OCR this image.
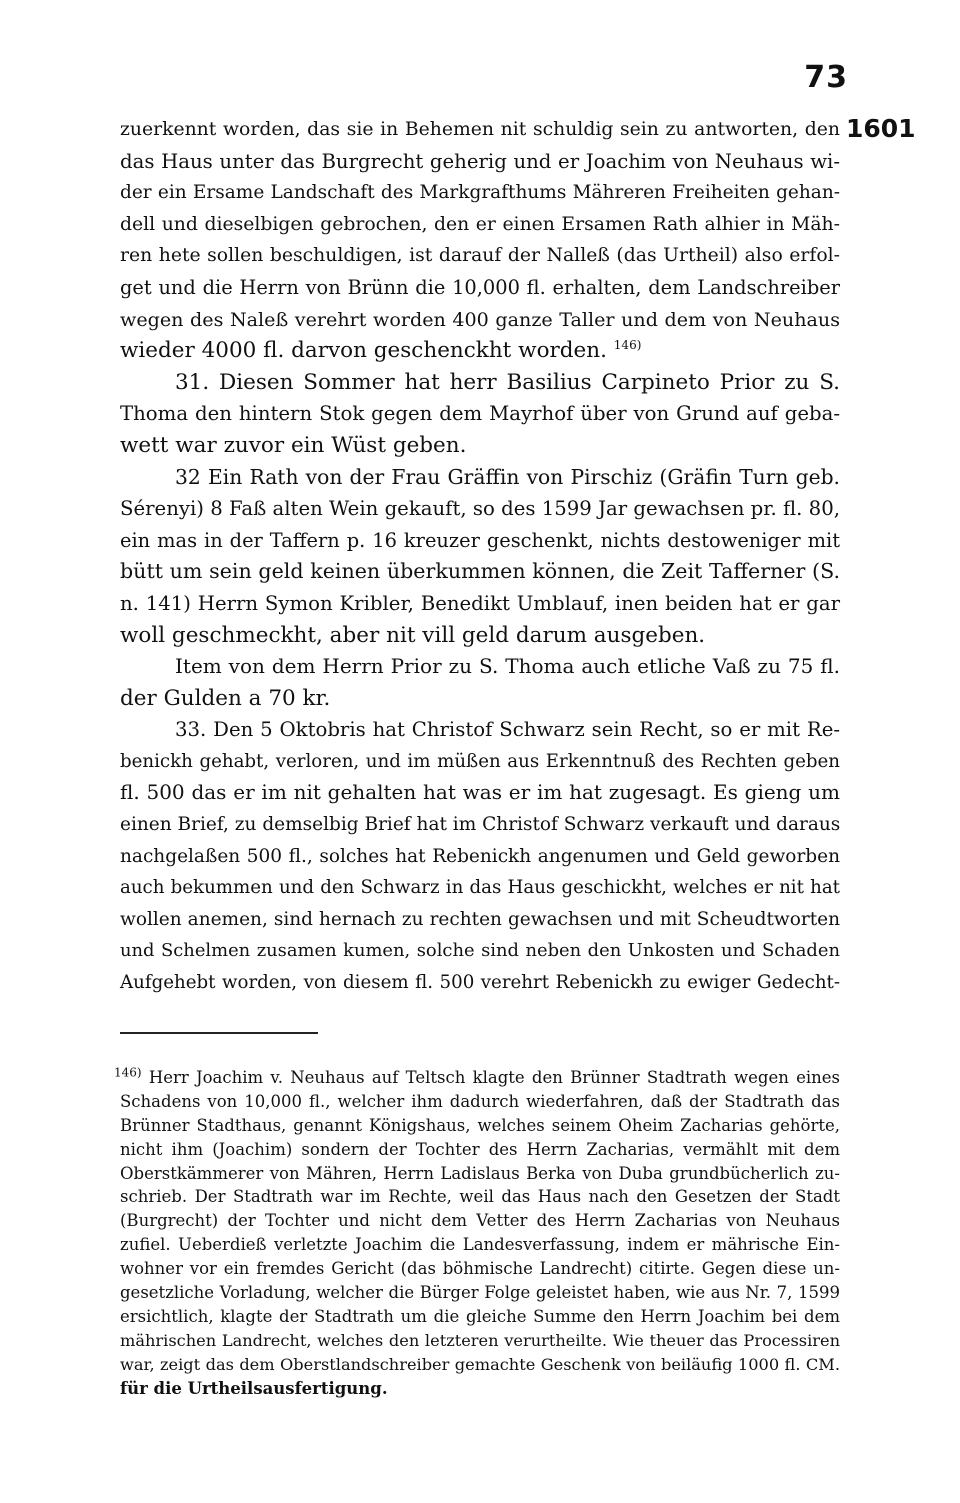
73
1601
zuerkennt worden, das sie in Behemen nit schuldig sein zu antworten, den
das Haus unter das Burgrecht geherig und er Joachim von Neuhaus wi-
der ein Ersame Landschaft des Markgrafthums Mähreren Freiheiten gehan-
dell und dieselbigen gebrochen, den er einen Ersamen Rath alhier in Mäh-
ren hete sollen beschuldigen, ist darauf der Nalleß (das Urtheil) also erfol-
get und die Herrn von Brünn die 10,000 fl. erhalten, dem Landschreiber
wegen des Naleß verehrt worden 400 ganze Taller und dem von Neuhaus
wieder 4000 fl. darvon geschenckht worden. $^{146)}$
31. Diesen Sommer hat herr Basilius Carpineto Prior zu S.
Thoma den hintern Stok gegen dem Mayrhof über von Grund auf geba-
wett war zuvor ein Wüst geben.
32 Ein Rath von der Frau Gräffin von Pirschiz (Gräfin Turn geb.
Sérenyi) 8 Faß alten Wein gekauft, so des 1599 Jar gewachsen pr. fl. 80,
ein mas in der Taffern p. 16 kreuzer geschenkt, nichts destoweniger mit
bütt um sein geld keinen überkummen können, die Zeit Tafferner (S.
n. 141) Herrn Symon Kribler, Benedikt Umblauf, inen beiden hat er gar
woll geschmeckht, aber nit vill geld darum ausgeben.
Item von dem Herrn Prior zu S. Thoma auch etliche Vaß zu 75 fl.
der Gulden a 70 kr.
33. Den 5 Oktobris hat Christof Schwarz sein Recht, so er mit Re-
benickh gehabt, verloren, und im müßen aus Erkenntnuß des Rechten geben
fl. 500 das er im nit gehalten hat was er im hat zugesagt. Es gieng um
einen Brief, zu demselbig Brief hat im Christof Schwarz verkauft und daraus
nachgelaßen 500 fl., solches hat Rebenickh angenumen und Geld geworben
auch bekummen und den Schwarz in das Haus geschickht, welches er nit hat
wollen anemen, sind hernach zu rechten gewachsen und mit Scheudtworten
und Schelmen zusamen kumen, solche sind neben den Unkosten und Schaden
Aufgehebt worden, von diesem fl. 500 verehrt Rebenickh zu ewiger Gedecht-
$^{146)}$ Herr Joachim v. Neuhaus auf Teltsch klagte den Brünner Stadtrath wegen eines
Schadens von 10,000 fl., welcher ihm dadurch wiederfahren, daß der Stadtrath das
Brünner Stadthaus, genannt Königshaus, welches seinem Oheim Zacharias gehörte,
nicht ihm (Joachim) sondern der Tochter des Herrn Zacharias, vermählt mit dem
Oberstkämmerer von Mähren, Herrn Ladislaus Berka von Duba grundbücherlich zu-
schrieb. Der Stadtrath war im Rechte, weil das Haus nach den Gesetzen der Stadt
(Burgrecht) der Tochter und nicht dem Vetter des Herrn Zacharias von Neuhaus
zufiel. Ueberdieß verletzte Joachim die Landesverfassung, indem er mährische Ein-
wohner vor ein fremdes Gericht (das böhmische Landrecht) citirte. Gegen diese un-
gesetzliche Vorladung, welcher die Bürger Folge geleistet haben, wie aus Nr. 7, 1599
ersichtlich, klagte der Stadtrath um die gleiche Summe den Herrn Joachim bei dem
mährischen Landrecht, welches den letzteren verurtheilte. Wie theuer das Processiren
war, zeigt das dem Oberstlandschreiber gemachte Geschenk von beiläufig 1000 fl. CM.
für die Urtheilsausfertigung.
